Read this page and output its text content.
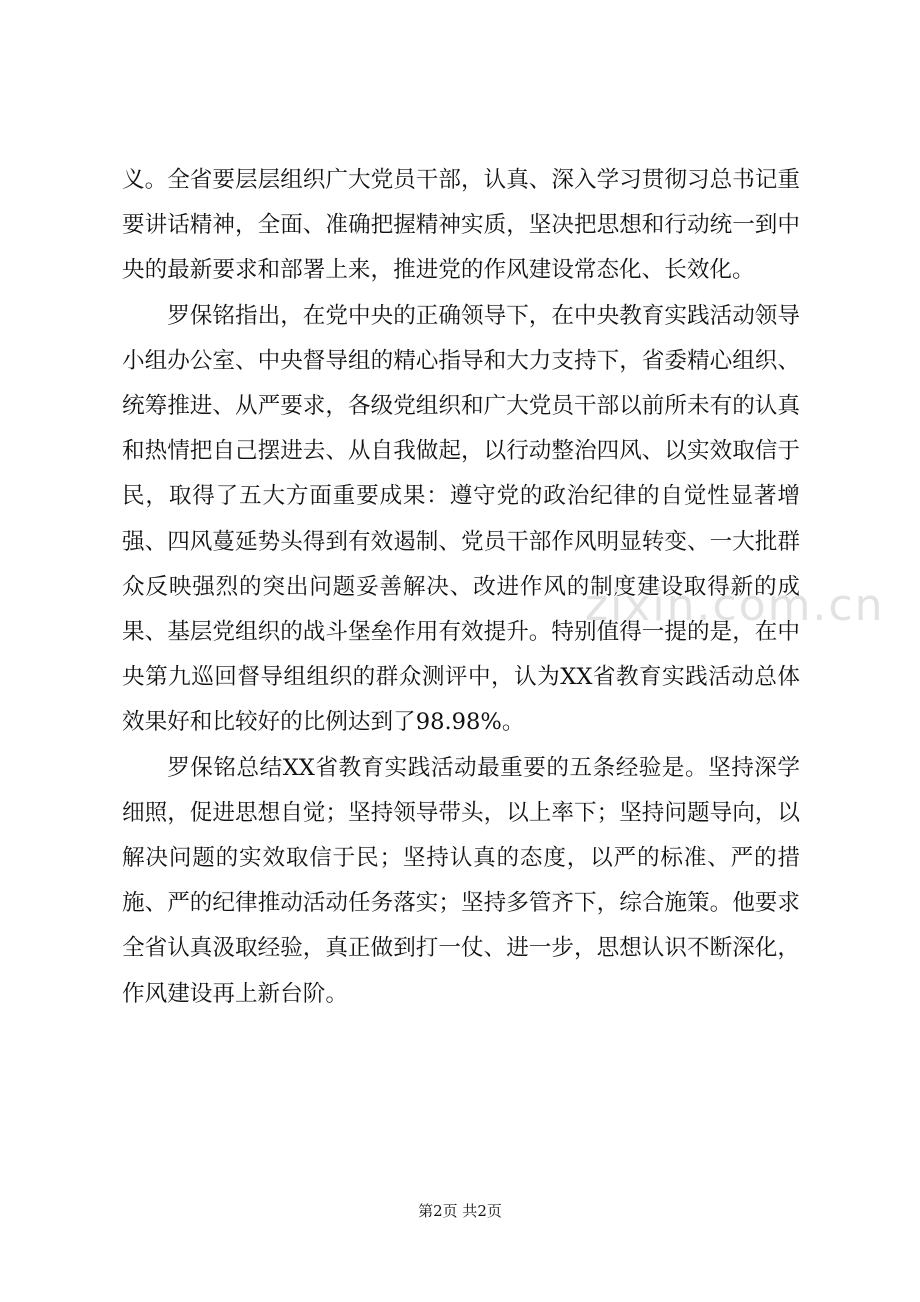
义。全省要层层组织广大党员干部，认真、深入学习贯彻习总书记重要讲话精神，全面、准确把握精神实质，坚决把思想和行动统一到中央的最新要求和部署上来，推进党的作风建设常态化、长效化。

罗保铭指出，在党中央的正确领导下，在中央教育实践活动领导小组办公室、中央督导组的精心指导和大力支持下，省委精心组织、统筹推进、从严要求，各级党组织和广大党员干部以前所未有的认真和热情把自己摆进去、从自我做起，以行动整治四风、以实效取信于民，取得了五大方面重要成果：遵守党的政治纪律的自觉性显著增强、四风蔓延势头得到有效遏制、党员干部作风明显转变、一大批群众反映强烈的突出问题妥善解决、改进作风的制度建设取得新的成果、基层党组织的战斗堡垒作用有效提升。特别值得一提的是，在中央第九巡回督导组组织的群众测评中，认为XX省教育实践活动总体效果好和比较好的比例达到了98.98%。

罗保铭总结XX省教育实践活动最重要的五条经验是。坚持深学细照，促进思想自觉；坚持领导带头，以上率下；坚持问题导向，以解决问题的实效取信于民；坚持认真的态度，以严的标准、严的措施、严的纪律推动活动任务落实；坚持多管齐下，综合施策。他要求全省认真汲取经验，真正做到打一仗、进一步，思想认识不断深化，作风建设再上新台阶。

zixin.com.cn
第2页 共2页
